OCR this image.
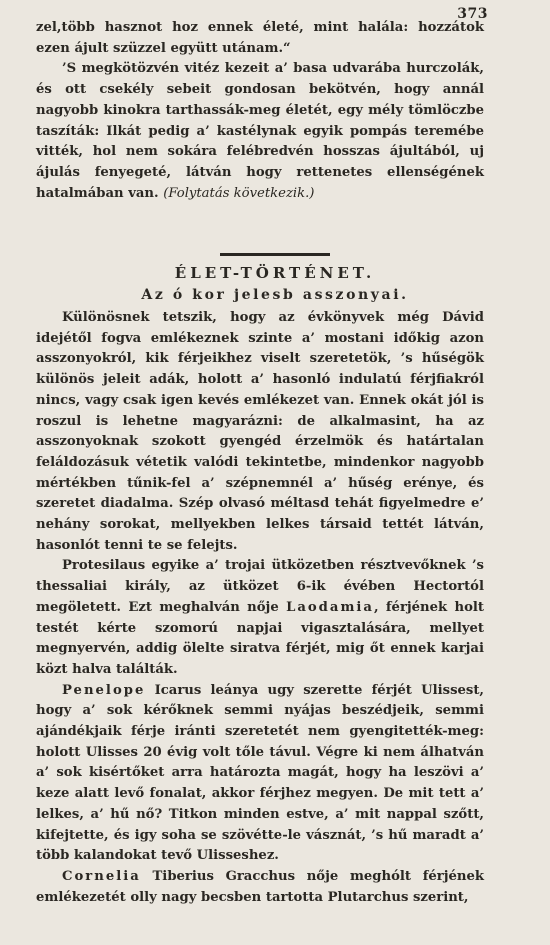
373

zel,több hasznot hoz ennek életé, mint halála: hozzátok ezen ájult szüzzel együtt utánam.“

’S megkötözvén vitéz kezeit a’ basa udvarába hurczolák, és ott csekély sebeit gondosan bekötvén, hogy annál nagyobb kinokra tarthassák-meg életét, egy mély tömlöczbe taszíták: Ilkát pedig a’ kastélynak egyik pompás teremébe vitték, hol nem sokára felébredvén hosszas ájultából, uj ájulás fenyegeté, látván hogy rettenetes ellenségének hatalmában van. (Folytatás következik.)

ÉLET-TÖRTÉNET.
Az ó kor jelesb asszonyai.

Különösnek tetszik, hogy az évkönyvek még Dávid idejétől fogva emlékeznek szinte a’ mostani időkig azon asszonyokról, kik férjeikhez viselt szeretetök, ’s hűségök különös jeleit adák, holott a’ hasonló indulatú férjfiakról nincs, vagy csak igen kevés emlékezet van. Ennek okát jól is roszul is lehetne magyarázni: de alkalmasint, ha az asszonyoknak szokott gyengéd érzelmök és határtalan feláldozásuk vétetik valódi tekintetbe, mindenkor nagyobb mértékben tűnik-fel a’ szépnemnél a’ hűség erénye, és szeretet diadalma. Szép olvasó méltasd tehát figyelmedre e’ nehány sorokat, mellyekben lelkes társaid tettét látván, hasonlót tenni te se felejts.

Protesilaus egyike a’ trojai ütközetben résztvevőknek ’s thessaliai király, az ütközet 6-ik évében Hectortól megöletett. Ezt meghalván nője Laodamia, férjének holt testét kérte szomorú napjai vigasztalására, mellyet megnyervén, addig ölelte siratva férjét, mig őt ennek karjai közt halva találták.

Penelope Icarus leánya ugy szerette férjét Ulissest, hogy a’ sok kérőknek semmi nyájas beszédjeik, semmi ajándékjaik férje iránti szeretetét nem gyengitették-meg: holott Ulisses 20 évig volt tőle távul. Végre ki nem álhatván a’ sok kisértőket arra határozta magát, hogy ha leszövi a’ keze alatt levő fonalat, akkor férjhez megyen. De mit tett a’ lelkes, a’ hű nő? Titkon minden estve, a’ mit nappal szőtt, kifejtette, és igy soha se szövétte-le vásznát, ’s hű maradt a’ több kalandokat tevő Ulisseshez.

Cornelia Tiberius Gracchus nője meghólt férjének emlékezetét olly nagy becsben tartotta Plutarchus szerint,
